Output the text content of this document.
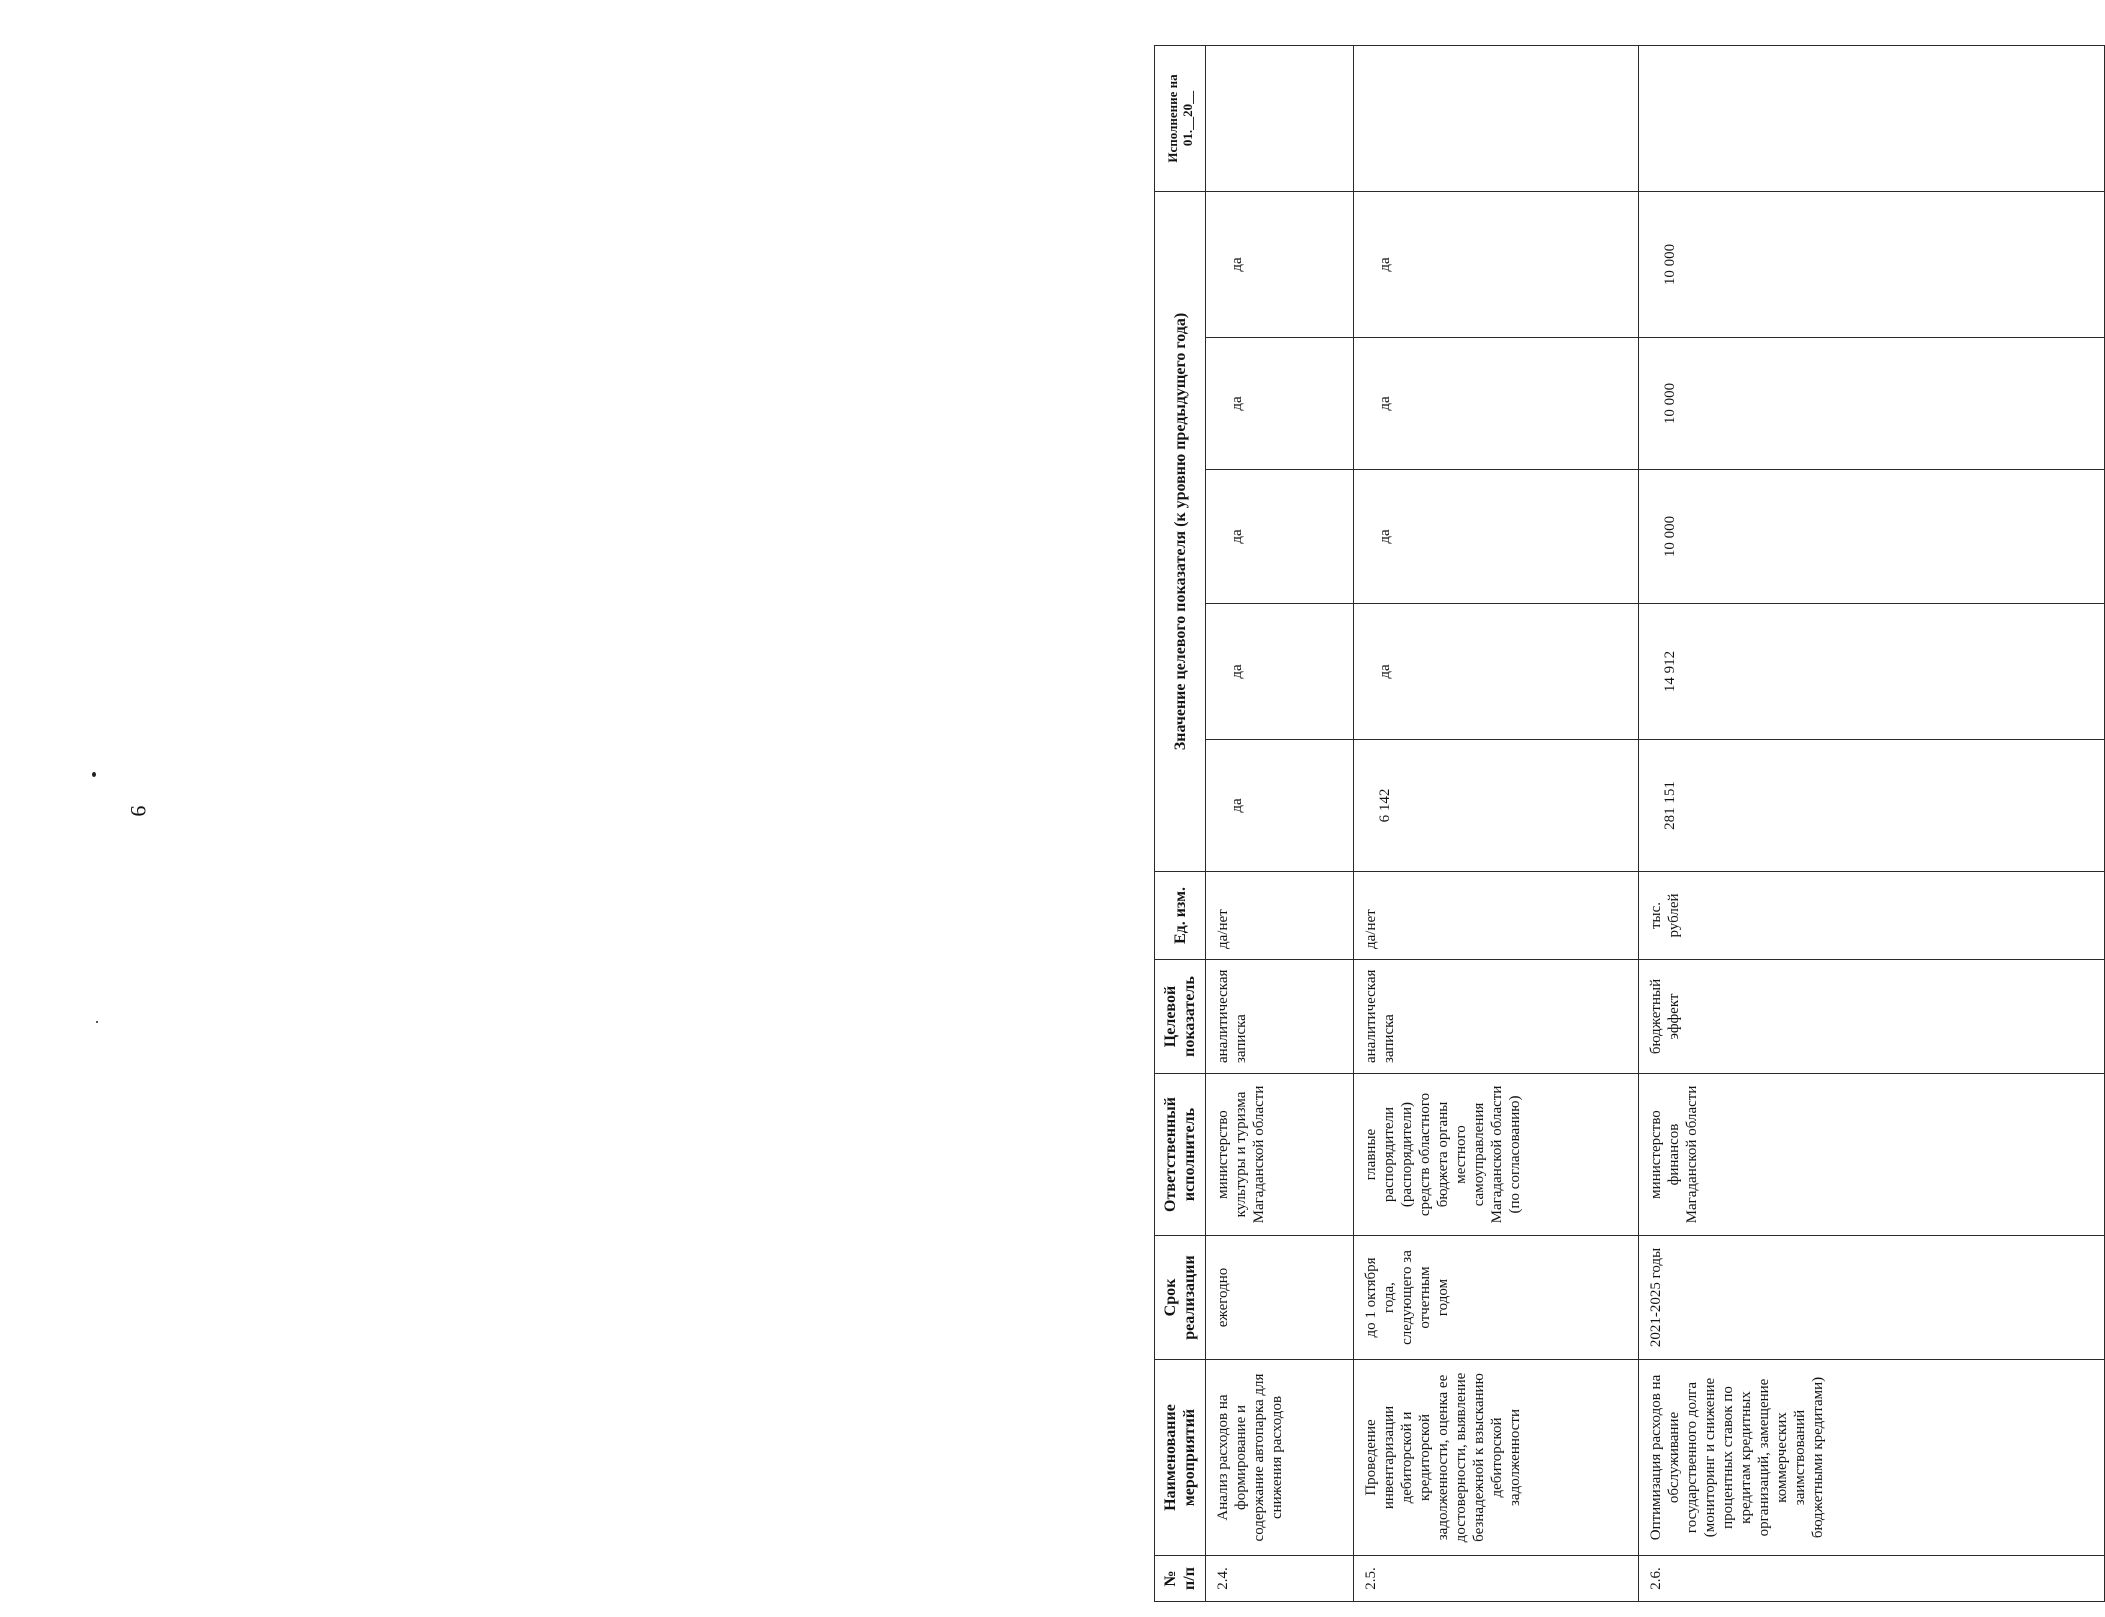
9
№ п/п	Наименование мероприятий	Срок реализации	Ответственный исполнитель	Целевой показатель	Ед. изм.	Значение целевого показателя (к уровню предыдущего года)					Исполнение на 01.__20__
2.4.	Анализ расходов на формирование и содержание автопарка для снижения расходов	ежегодно	министерство культуры и туризма Магаданской области	аналитическая записка	да/нет	да	да	да	да	да	
2.5.	Проведение инвентаризации дебиторской и кредиторской задолженности, оценка ее достоверности, выявление безнадежной к взысканию дебиторской задолженности	до 1 октября года, следующего за отчетным годом	главные распорядители (распорядители) средств областного бюджета органы местного самоуправления Магаданской области (по согласованию)	аналитическая записка	да/нет	6 142	да	да	да	да	
2.6.	Оптимизация расходов на обслуживание государственного долга (мониторинг и снижение процентных ставок по кредитам кредитных организаций, замещение коммерческих заимствований бюджетными кредитами)	2021-2025 годы	министерство финансов Магаданской области	бюджетный эффект	тыс. рублей	281 151	14 912	10 000	10 000	10 000	
